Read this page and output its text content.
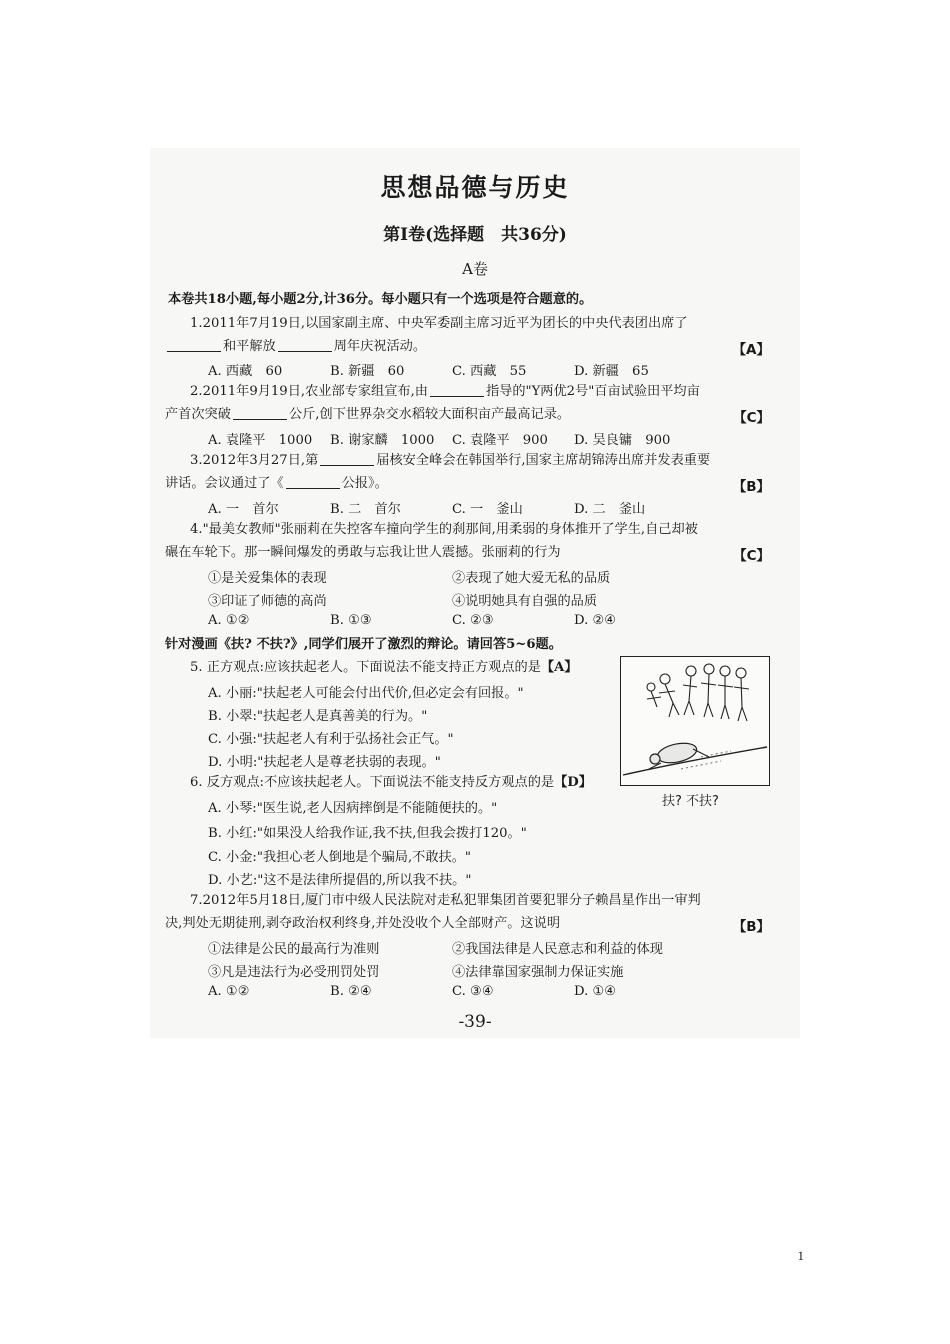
思想品德与历史
第Ⅰ卷(选择题　共36分)
A卷
本卷共18小题,每小题2分,计36分。每小题只有一个选项是符合题意的。
1.2011年7月19日,以国家副主席、中央军委副主席习近平为团长的中央代表团出席了
和平解放	周年庆祝活动。	【A】
A. 西藏　60	B. 新疆　60	C. 西藏　55	D. 新疆　65
2.2011年9月19日,农业部专家组宣布,由	指导的"Y两优2号"百亩试验田平均亩
产首次突破	公斤,创下世界杂交水稻较大面积亩产最高记录。	【C】
A. 袁隆平　1000 B. 谢家麟　1000 C. 袁隆平　900 D. 吴良镛　900
3.2012年3月27日,第	届核安全峰会在韩国举行,国家主席胡锦涛出席并发表重要
讲话。会议通过了《	公报》。	【B】
A. 一　首尔	B. 二　首尔	C. 一　釜山	D. 二　釜山
4."最美女教师"张丽莉在失控客车撞向学生的刹那间,用柔弱的身体推开了学生,自己却被
碾在车轮下。那一瞬间爆发的勇敢与忘我让世人震撼。张丽莉的行为	【C】
①是关爱集体的表现	②表现了她大爱无私的品质
③印证了师德的高尚	④说明她具有自强的品质
A. ①②	B. ①③	C. ②③	D. ②④
针对漫画《扶? 不扶?》,同学们展开了激烈的辩论。请回答5~6题。
5. 正方观点:应该扶起老人。下面说法不能支持正方观点的是【A】
A. 小丽:"扶起老人可能会付出代价,但必定会有回报。"
B. 小翠:"扶起老人是真善美的行为。"
C. 小强:"扶起老人有利于弘扬社会正气。"
D. 小明:"扶起老人是尊老扶弱的表现。"
6. 反方观点:不应该扶起老人。下面说法不能支持反方观点的是【D】
A. 小琴:"医生说,老人因病摔倒是不能随便扶的。"
B. 小红:"如果没人给我作证,我不扶,但我会拨打120。"
C. 小金:"我担心老人倒地是个骗局,不敢扶。"
D. 小艺:"这不是法律所提倡的,所以我不扶。"
扶? 不扶?
7.2012年5月18日,厦门市中级人民法院对走私犯罪集团首要犯罪分子赖昌星作出一审判
决,判处无期徒刑,剥夺政治权利终身,并处没收个人全部财产。这说明	【B】
①法律是公民的最高行为准则	②我国法律是人民意志和利益的体现
③凡是违法行为必受刑罚处罚	④法律靠国家强制力保证实施
A. ①②	B. ②④	C. ③④	D. ①④
-39-
1
